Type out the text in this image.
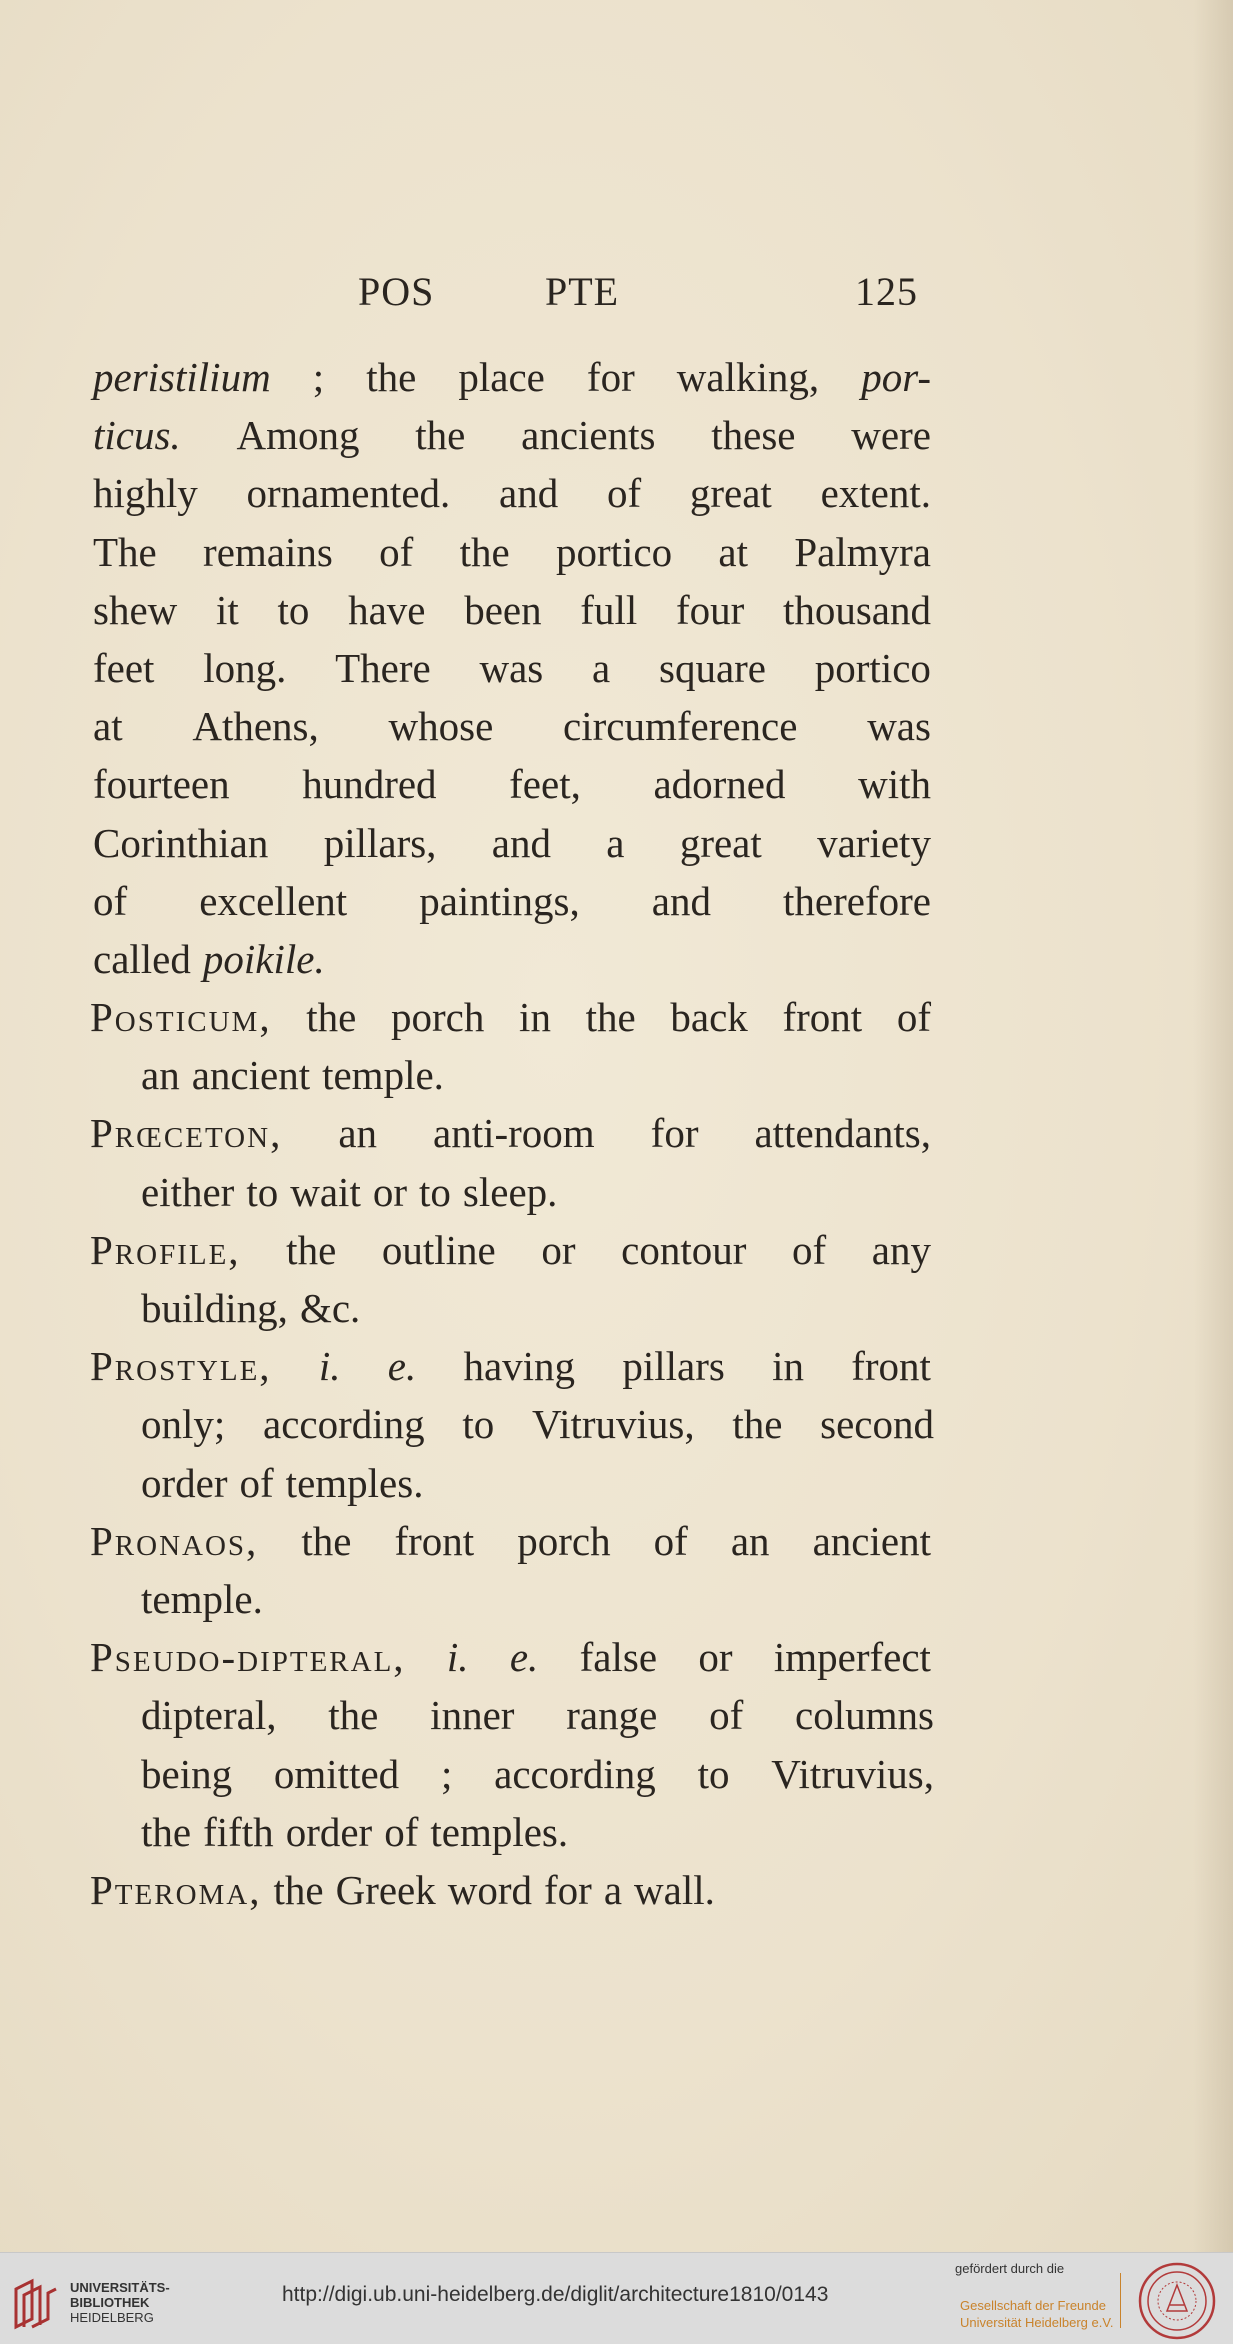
POS	PTE	125
peristilium ; the place for walking, por-
ticus. Among the ancients these were
highly ornamented. and of great extent.
The remains of the portico at Palmyra
shew it to have been full four thousand
feet long. There was a square portico
at Athens, whose circumference was
fourteen hundred feet, adorned with
Corinthian pillars, and a great variety
of excellent paintings, and therefore
called poikile.
Posticum, the porch in the back front of
an ancient temple.
Prœceton, an anti-room for attendants,
either to wait or to sleep.
Profile, the outline or contour of any
building, &c.
Prostyle, i. e. having pillars in front
only; according to Vitruvius, the second
order of temples.
Pronaos, the front porch of an ancient
temple.
Pseudo-dipteral, i. e. false or imperfect
dipteral, the inner range of columns
being omitted ; according to Vitruvius,
the fifth order of temples.
Pteroma, the Greek word for a wall.
UNIVERSITÄTS-
BIBLIOTHEK
HEIDELBERG
http://digi.ub.uni-heidelberg.de/diglit/architecture1810/0143
gefördert durch die
Gesellschaft der Freunde
Universität Heidelberg e.V.
